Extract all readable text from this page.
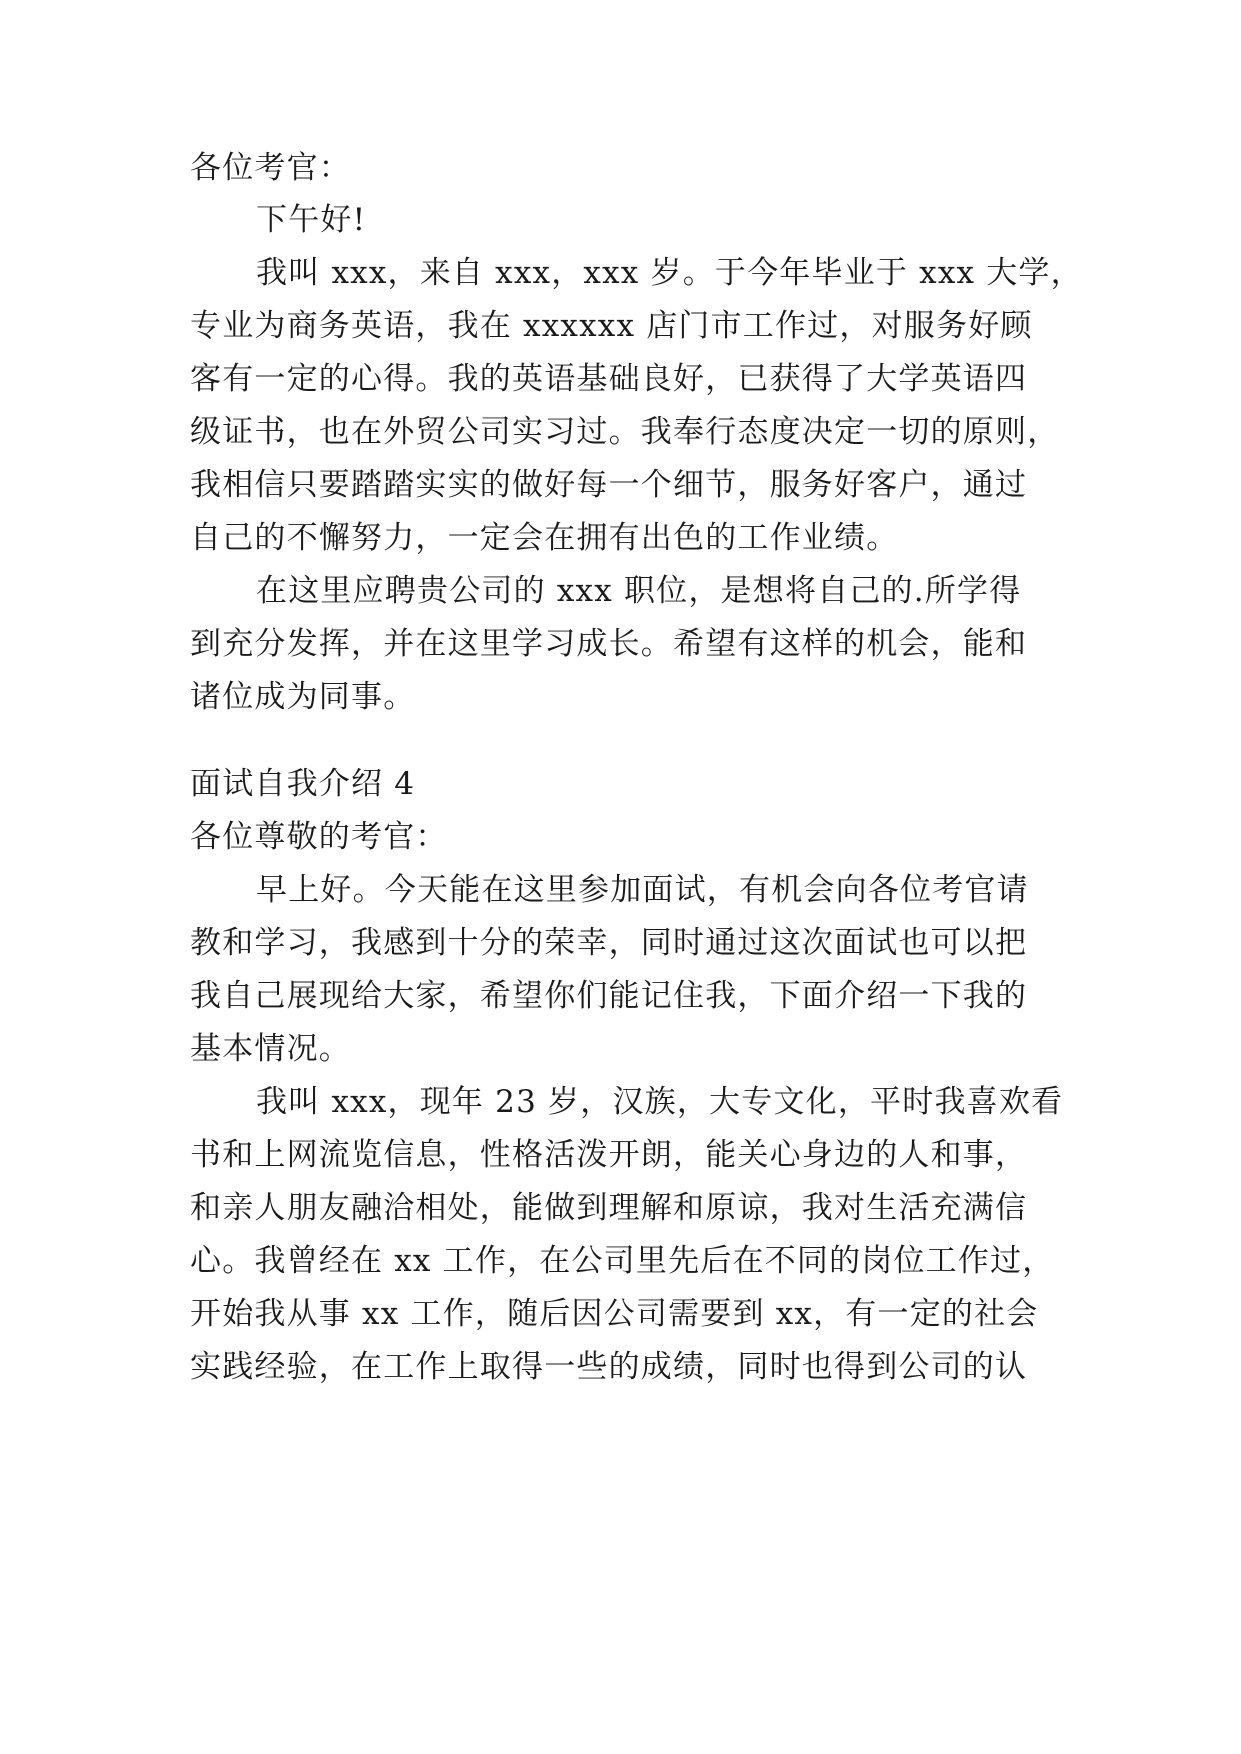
各位考官：
下午好!
我叫 xxx，来自 xxx，xxx 岁。于今年毕业于 xxx 大学，
专业为商务英语，我在 xxxxxx 店门市工作过，对服务好顾
客有一定的心得。我的英语基础良好，已获得了大学英语四
级证书，也在外贸公司实习过。我奉行态度决定一切的原则，
我相信只要踏踏实实的做好每一个细节，服务好客户，通过
自己的不懈努力，一定会在拥有出色的工作业绩。
在这里应聘贵公司的 xxx 职位，是想将自己的.所学得
到充分发挥，并在这里学习成长。希望有这样的机会，能和
诸位成为同事。
面试自我介绍 4
各位尊敬的考官：
早上好。今天能在这里参加面试，有机会向各位考官请
教和学习，我感到十分的荣幸，同时通过这次面试也可以把
我自己展现给大家，希望你们能记住我，下面介绍一下我的
基本情况。
我叫 xxx，现年 23 岁，汉族，大专文化，平时我喜欢看
书和上网流览信息，性格活泼开朗，能关心身边的人和事，
和亲人朋友融洽相处，能做到理解和原谅，我对生活充满信
心。我曾经在 xx 工作，在公司里先后在不同的岗位工作过，
开始我从事 xx 工作，随后因公司需要到 xx，有一定的社会
实践经验，在工作上取得一些的成绩，同时也得到公司的认
